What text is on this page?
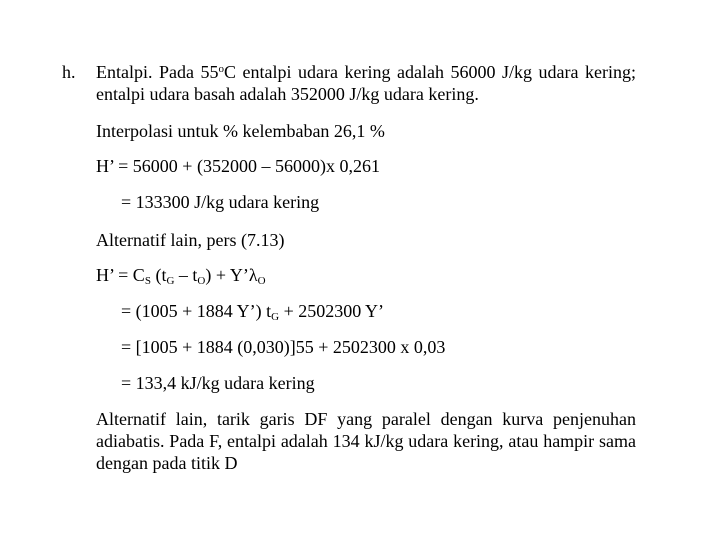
h. Entalpi. Pada 55$^o$C entalpi udara kering adalah 56000 J/kg udara kering; entalpi udara basah adalah 352000 J/kg udara kering.
Interpolasi untuk % kelembaban 26,1 %
H’ = 56000 + (352000 – 56000)x 0,261
= 133300 J/kg udara kering
Alternatif lain, pers (7.13)
H’ = $C_S$ $(t_G - t_O)$ + $Y’\lambda_O$
= (1005 + 1884 Y’) $t_G + 2502300$ Y’
= [1005 + 1884 (0,030)]55 + 2502300 x 0,03
= 133,4 kJ/kg udara kering
Alternatif lain, tarik garis DF yang paralel dengan kurva penjenuhan adiabatis. Pada F, entalpi adalah 134 kJ/kg udara kering, atau hampir sama dengan pada titik D
